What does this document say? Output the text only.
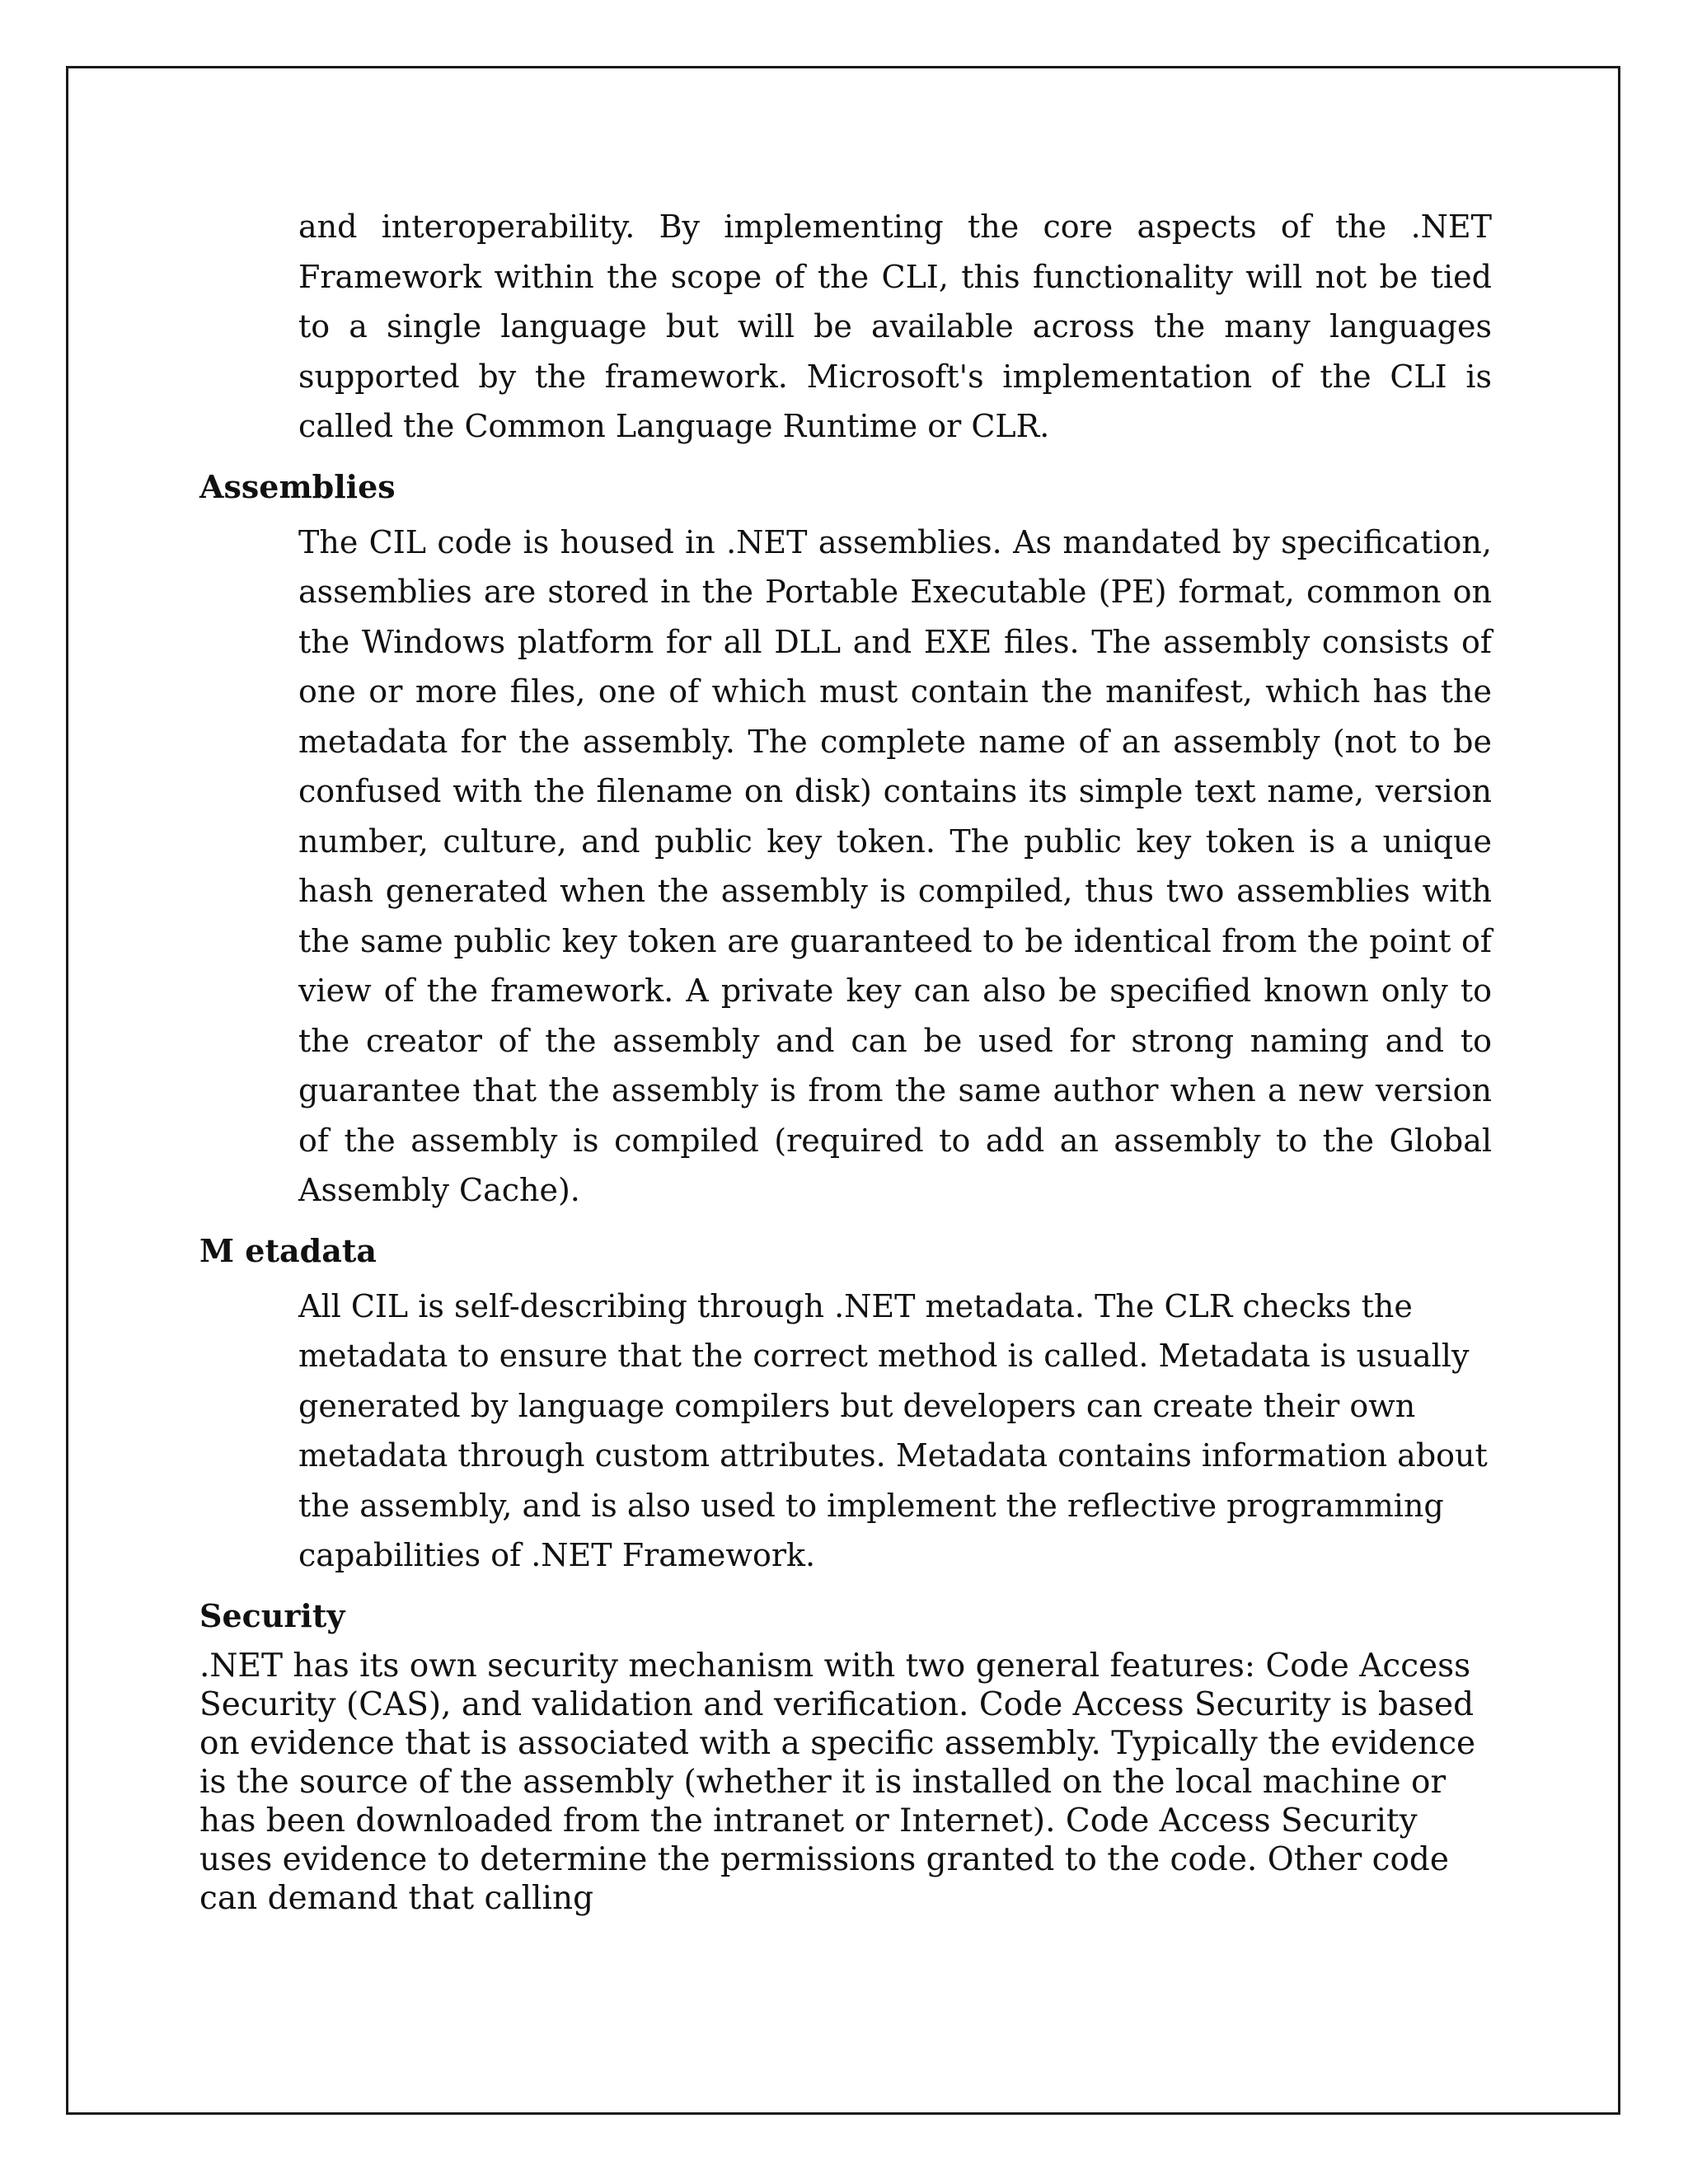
and interoperability. By implementing the core aspects of the .NET Framework within the scope of the CLI, this functionality will not be tied to a single language but will be available across the many languages supported by the framework. Microsoft's implementation of the CLI is called the Common Language Runtime or CLR.

Assemblies

The CIL code is housed in .NET assemblies. As mandated by specification, assemblies are stored in the Portable Executable (PE) format, common on the Windows platform for all DLL and EXE files. The assembly consists of one or more files, one of which must contain the manifest, which has the metadata for the assembly. The complete name of an assembly (not to be confused with the filename on disk) contains its simple text name, version number, culture, and public key token. The public key token is a unique hash generated when the assembly is compiled, thus two assemblies with the same public key token are guaranteed to be identical from the point of view of the framework. A private key can also be specified known only to the creator of the assembly and can be used for strong naming and to guarantee that the assembly is from the same author when a new version of the assembly is compiled (required to add an assembly to the Global Assembly Cache).

M etadata

All CIL is self-describing through .NET metadata. The CLR checks the metadata to ensure that the correct method is called. Metadata is usually generated by language compilers but developers can create their own metadata through custom attributes. Metadata contains information about the assembly, and is also used to implement the reflective programming capabilities of .NET Framework.

Security

.NET has its own security mechanism with two general features: Code Access Security (CAS), and validation and verification. Code Access Security is based on evidence that is associated with a specific assembly. Typically the evidence is the source of the assembly (whether it is installed on the local machine or has been downloaded from the intranet or Internet). Code Access Security uses evidence to determine the permissions granted to the code. Other code can demand that calling
